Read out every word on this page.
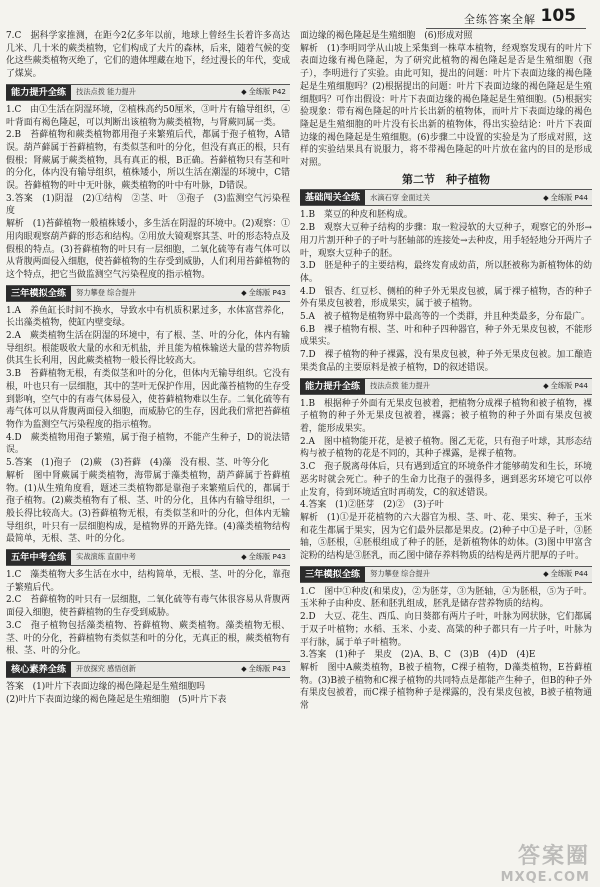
全练答案全解 105

7.C　据科学家推测，在距今2亿多年以前，地球上曾经生长着许多高达几米、几十米的蕨类植物，它们构成了大片的森林，后来，随着气候的变化这些蕨类植物灭绝了，它们的遗体埋藏在地下，经过漫长的年代，变成了煤炭。

能力提升全练	技法点拨 能力提升	◆ 全练版 P42

1.C　由①生活在阴湿环境，②植株高约50厘米，③叶片有输导组织，④叶背面有褐色隆起，可以判断出该植物为蕨类植物，与肾蕨同属一类。
2.B　苔藓植物和蕨类植物都用孢子来繁殖后代，都属于孢子植物，A错误。葫芦藓属于苔藓植物，有类似茎和叶的分化，但没有真正的根，只有假根；肾蕨属于蕨类植物，具有真正的根，B正确。苔藓植物只有茎和叶的分化，体内没有输导组织，植株矮小，所以生活在潮湿的环境中，C错误。苔藓植物的叶中无叶脉，蕨类植物的叶中有叶脉，D错误。
3.答案　(1)阴湿　(2)①结构　②茎、叶　③孢子　(3)监测空气污染程度
解析　(1)苔藓植物一般植株矮小，多生活在阴湿的环境中。(2)观察：①用肉眼观察葫芦藓的形态和结构。②用放大镜观察其茎、叶的形态特点及假根的特点。(3)苔藓植物的叶只有一层细胞，二氧化硫等有毒气体可以从背腹两面侵入细胞，使苔藓植物的生存受到威胁，人们利用苔藓植物的这个特点，把它当做监测空气污染程度的指示植物。

三年模拟全练	努力攀登 综合提升	◆ 全练版 P43

1.A　养鱼缸长时间不换水，导致水中有机质积累过多，水体富营养化，长出藻类植物，使缸内壁变绿。
2.A　蕨类植物生活在阴湿的环境中，有了根、茎、叶的分化，体内有输导组织。根能吸收大量的水和无机盐，并且能为植株输送大量的营养物质供其生长利用，因此蕨类植物一般长得比较高大。
3.B　苔藓植物无根，有类似茎和叶的分化，但体内无输导组织。它没有根，叶也只有一层细胞，其中的茎叶无保护作用，因此藻苔植物的生存受到影响，空气中的有毒气体易侵入，使苔藓植物难以生存。二氧化硫等有毒气体可以从背腹两面侵入细胞，而威胁它的生存，因此我们常把苔藓植物作为监测空气污染程度的指示植物。
4.D　蕨类植物用孢子繁殖，属于孢子植物，不能产生种子，D的说法错误。
5.答案　(1)孢子　(2)蕨　(3)苔藓　(4)藻　没有根、茎、叶等分化
解析　图中肾蕨属于蕨类植物，海带属于藻类植物，葫芦藓属于苔藓植物。(1)从生殖角度看，题述三类植物都是靠孢子来繁殖后代的，都属于孢子植物。(2)蕨类植物有了根、茎、叶的分化，且体内有输导组织，一般长得比较高大。(3)苔藓植物无根，有类似茎和叶的分化，但体内无输导组织，叶只有一层细胞构成，是植物界的开路先锋。(4)藻类植物结构最简单，无根、茎、叶的分化。

五年中考全练	实战演练 直面中考	◆ 全练版 P43

1.C　藻类植物大多生活在水中，结构简单，无根、茎、叶的分化，靠孢子繁殖后代。
2.C　苔藓植物的叶只有一层细胞，二氧化硫等有毒气体很容易从背腹两面侵入细胞，使苔藓植物的生存受到威胁。
3.C　孢子植物包括藻类植物、苔藓植物、蕨类植物。藻类植物无根、茎、叶的分化，苔藓植物有类似茎和叶的分化，无真正的根，蕨类植物有根、茎、叶的分化。

核心素养全练	开放探究 感悟创新	◆ 全练版 P43

答案　(1)叶片下表面边缘的褐色隆起是生殖细胞吗
(2)叶片下表面边缘的褐色隆起是生殖细胞　(5)叶片下表

面边缘的褐色隆起是生殖细胞　(6)形成对照
解析　(1)李明同学从山坡上采集到一株草本植物，经观察发现有的叶片下表面边缘有褐色隆起，为了研究此植物的褐色隆起是否是生殖细胞（孢子），李明进行了实验。由此可知，提出的问题：叶片下表面边缘的褐色隆起是生殖细胞吗？(2)根据提出的问题：叶片下表面边缘的褐色隆起是生殖细胞吗？可作出假设：叶片下表面边缘的褐色隆起是生殖细胞。(5)根据实验现象：带有褐色隆起的叶片长出新的植物体，而叶片下表面边缘的褐色隆起是生殖细胞的叶片没有长出新的植物体，得出实验结论：叶片下表面边缘的褐色隆起是生殖细胞。(6)步骤二中设置的实验是为了形成对照，这样的实验结果具有说服力，将不带褐色隆起的叶片放在盆内的目的是形成对照。

第二节　种子植物
基础闯关全练	水滴石穿 金面过关	◆ 全练版 P44

1.B　菜豆的种皮和胚构成。
2.B　观察大豆种子结构的步骤：取一粒浸软的大豆种子，观察它的外形→用刀片割开种子的子叶与胚轴部的连接处→去种皮，用手轻轻地分开两片子叶，观察大豆种子的胚。
3.D　胚是种子的主要结构，最终发育成幼苗，所以胚被称为新植物体的幼体。
4.D　银杏、红豆杉、侧柏的种子外无果皮包被，属于裸子植物，杏的种子外有果皮包被着，形成果实，属于被子植物。
5.A　被子植物是植物界中最高等的一个类群，并且种类最多，分布最广。
6.B　裸子植物有根、茎、叶和种子四种器官，种子外无果皮包被，不能形成果实。
7.D　裸子植物的种子裸露，没有果皮包被，种子外无果皮包被。加工酿造果类食品的主要原料是被子植物，D的叙述错误。

能力提升全练	技法点拨 能力提升	◆ 全练版 P44

1.B　根据种子外面有无果皮包被着，把植物分成裸子植物和被子植物，裸子植物的种子外无果皮包被着，裸露；被子植物的种子外面有果皮包被着，能形成果实。
2.A　图中植物能开花，是被子植物。图乙无花，只有孢子叶球，其形态结构与被子植物的花是不同的，其种子裸露，是裸子植物。
3.C　孢子脱离母体后，只有遇到适宜的环境条件才能够萌发和生长，环境恶劣时就会死亡。种子的生命力比孢子的强得多，遇到恶劣环境它可以停止发育，待到环境适宜时再萌发，C的叙述错误。
4.答案　(1)②胚芽　(2)②　(3)子叶
解析　(1)①是开花植物的六大器官为根、茎、叶、花、果实、种子，玉米和花生都属于果实，因为它们最外层都是果皮。(2)种子中①是子叶，③胚轴，⑤胚根，④胚根组成了种子的胚，是新植物体的幼体。(3)图中甲富含淀粉的结构是③胚乳，而乙图中储存养料物质的结构是两片肥厚的子叶。

三年模拟全练	努力攀登 综合提升	◆ 全练版 P44

1.C　图中①种皮(和果皮)，②为胚芽，③为胚轴，④为胚根，⑤为子叶。玉米种子由种皮、胚和胚乳组成，胚乳是储存营养物质的结构。
2.D　大豆、花生、西瓜、向日葵都有两片子叶，叶脉为网状脉，它们都属于双子叶植物；水稻、玉米、小麦、高粱的种子都只有一片子叶，叶脉为平行脉，属于单子叶植物。
3.答案　(1)种子　果皮　(2)A、B、C　(3)B　(4)D　(4)E
解析　图中A蕨类植物，B被子植物，C裸子植物，D藻类植物，E苔藓植物。(3)B被子植物和C裸子植物的共同特点是都能产生种子，但B的种子外有果皮包被着，而C裸子植物种子是裸露的，没有果皮包被，B被子植物通常

答案圈
MXQE.COM
